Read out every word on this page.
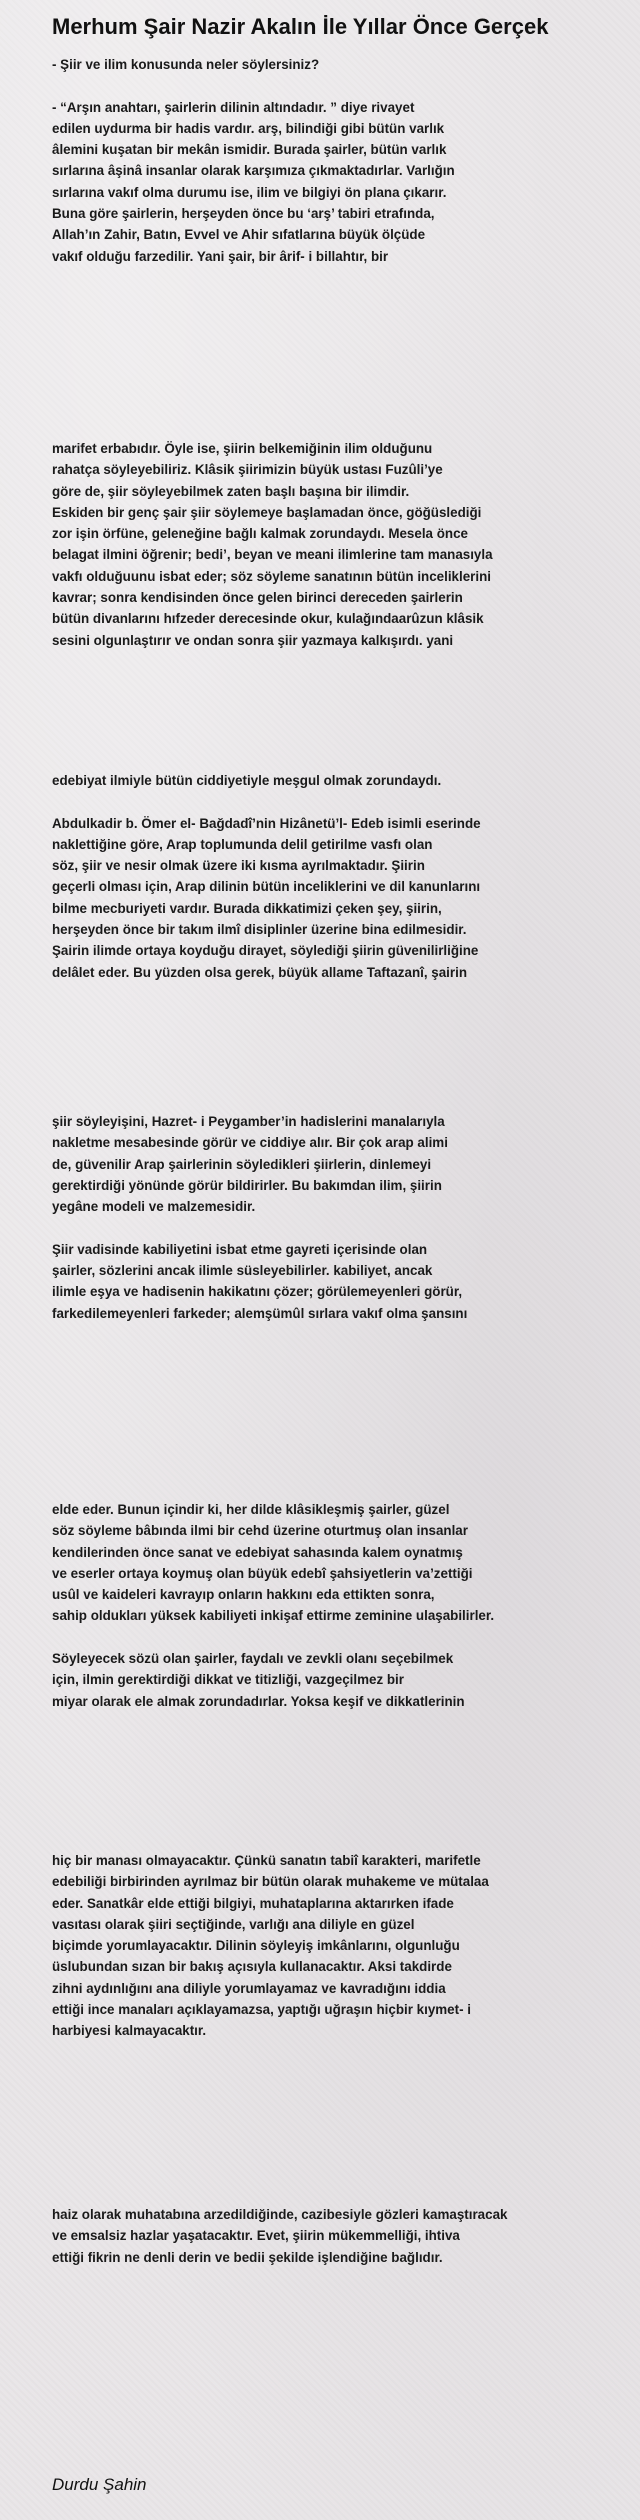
Merhum Şair Nazir Akalın İle Yıllar Önce Gerçek
- Şiir ve ilim konusunda neler söylersiniz?
- “Arşın anahtarı, şairlerin dilinin altındadır. ” diye rivayet
edilen uydurma bir hadis vardır. arş, bilindiği gibi bütün varlık
âlemini kuşatan bir mekân ismidir. Burada şairler, bütün varlık
sırlarına âşinâ insanlar olarak karşımıza çıkmaktadırlar. Varlığın
sırlarına vakıf olma durumu ise, ilim ve bilgiyi ön plana çıkarır.
Buna göre şairlerin, herşeyden önce bu ‘arş’ tabiri etrafında,
Allah’ın Zahir, Batın, Evvel ve Ahir sıfatlarına büyük ölçüde
vakıf olduğu farzedilir. Yani şair, bir ârif- i billahtır, bir
marifet erbabıdır. Öyle ise, şiirin belkemiğinin ilim olduğunu
rahatça söyleyebiliriz. Klâsik şiirimizin büyük ustası Fuzûli’ye
göre de, şiir söyleyebilmek zaten başlı başına bir ilimdir.
Eskiden bir genç şair şiir söylemeye başlamadan önce, göğüslediği
zor işin örfüne, geleneğine bağlı kalmak zorundaydı. Mesela önce
belagat ilmini öğrenir; bedi’, beyan ve meani ilimlerine tam manasıyla
vakfı olduğuunu isbat eder; söz söyleme sanatının bütün inceliklerini
kavrar; sonra kendisinden önce gelen birinci dereceden şairlerin
bütün divanlarını hıfzeder derecesinde okur, kulağındaarûzun klâsik
sesini olgunlaştırır ve ondan sonra şiir yazmaya kalkışırdı. yani
edebiyat ilmiyle bütün ciddiyetiyle meşgul olmak zorundaydı.
Abdulkadir b. Ömer el- Bağdadî’nin Hizânetü’l- Edeb isimli eserinde
naklettiğine göre, Arap toplumunda delil getirilme vasfı olan
söz, şiir ve nesir olmak üzere iki kısma ayrılmaktadır. Şiirin
geçerli olması için, Arap dilinin bütün inceliklerini ve dil kanunlarını
bilme mecburiyeti vardır. Burada dikkatimizi çeken şey, şiirin,
herşeyden önce bir takım ilmî disiplinler üzerine bina edilmesidir.
Şairin ilimde ortaya koyduğu dirayet, söylediği şiirin güvenilirliğine
delâlet eder. Bu yüzden olsa gerek, büyük allame Taftazanî, şairin
şiir söyleyişini, Hazret- i Peygamber’in hadislerini manalarıyla
nakletme mesabesinde görür ve ciddiye alır. Bir çok arap alimi
de, güvenilir Arap şairlerinin söyledikleri şiirlerin, dinlemeyi
gerektirdiği yönünde görür bildirirler. Bu bakımdan ilim, şiirin
yegâne modeli ve malzemesidir.
Şiir vadisinde kabiliyetini isbat etme gayreti içerisinde olan
şairler, sözlerini ancak ilimle süsleyebilirler. kabiliyet, ancak
ilimle eşya ve hadisenin hakikatını çözer; görülemeyenleri görür,
farkedilemeyenleri farkeder; alemşümûl sırlara vakıf olma şansını
elde eder. Bunun içindir ki, her dilde klâsikleşmiş şairler, güzel
söz söyleme bâbında ilmi bir cehd üzerine oturtmuş olan insanlar
kendilerinden önce sanat ve edebiyat sahasında kalem oynatmış
ve eserler ortaya koymuş olan büyük edebî şahsiyetlerin va’zettiği
usûl ve kaideleri kavrayıp onların hakkını eda ettikten sonra,
sahip oldukları yüksek kabiliyeti inkişaf ettirme zeminine ulaşabilirler.
Söyleyecek sözü olan şairler, faydalı ve zevkli olanı seçebilmek
için, ilmin gerektirdiği dikkat ve titizliği, vazgeçilmez bir
miyar olarak ele almak zorundadırlar. Yoksa keşif ve dikkatlerinin
hiç bir manası olmayacaktır. Çünkü sanatın tabiî karakteri, marifetle
edebiliği birbirinden ayrılmaz bir bütün olarak muhakeme ve mütalaa
eder. Sanatkâr elde ettiği bilgiyi, muhataplarına aktarırken ifade
vasıtası olarak şiiri seçtiğinde, varlığı ana diliyle en güzel
biçimde yorumlayacaktır. Dilinin söyleyiş imkânlarını, olgunluğu
üslubundan sızan bir bakış açısıyla kullanacaktır. Aksi takdirde
zihni aydınlığını ana diliyle yorumlayamaz ve kavradığını iddia
ettiği ince manaları açıklayamazsa, yaptığı uğraşın hiçbir kıymet- i
harbiyesi kalmayacaktır.
haiz olarak muhatabına arzedildiğinde, cazibesiyle gözleri kamaştıracak
ve emsalsiz hazlar yaşatacaktır. Evet, şiirin mükemmelliği, ihtiva
ettiği fikrin ne denli derin ve bedii şekilde işlendiğine bağlıdır.
Durdu Şahin
